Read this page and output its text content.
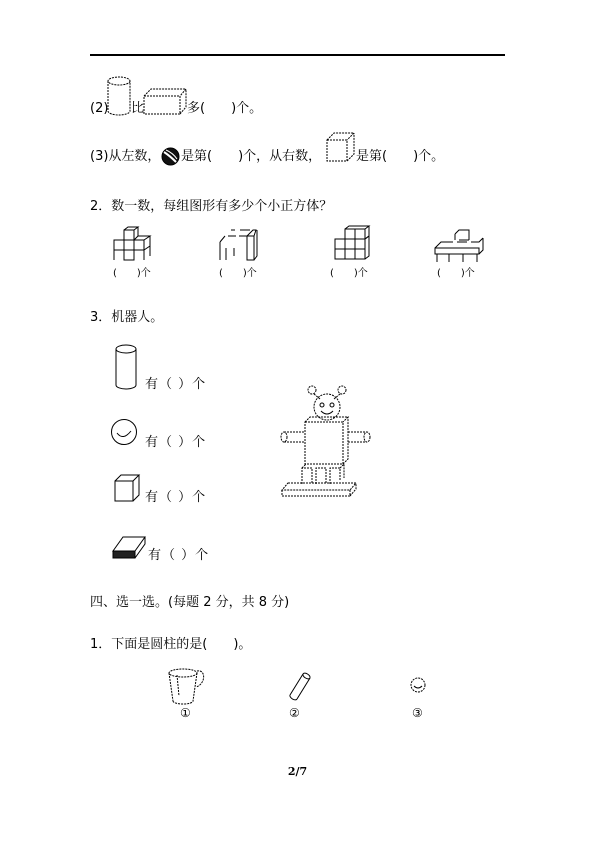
(2) 比	多(　　)个。
(3)从左数， 是第(　　)个，从右数，	是第(　　)个。
2．数一数，每组图形有多少个小正方体？
(　　)个	(　　)个	(　　)个	(　　)个
3．机器人。
有（ ）个
有（ ）个
有（ ）个
有（ ）个
四、选一选。(每题 2 分，共 8 分)
1．下面是圆柱的是(　　)。
①	②	③
2/7
